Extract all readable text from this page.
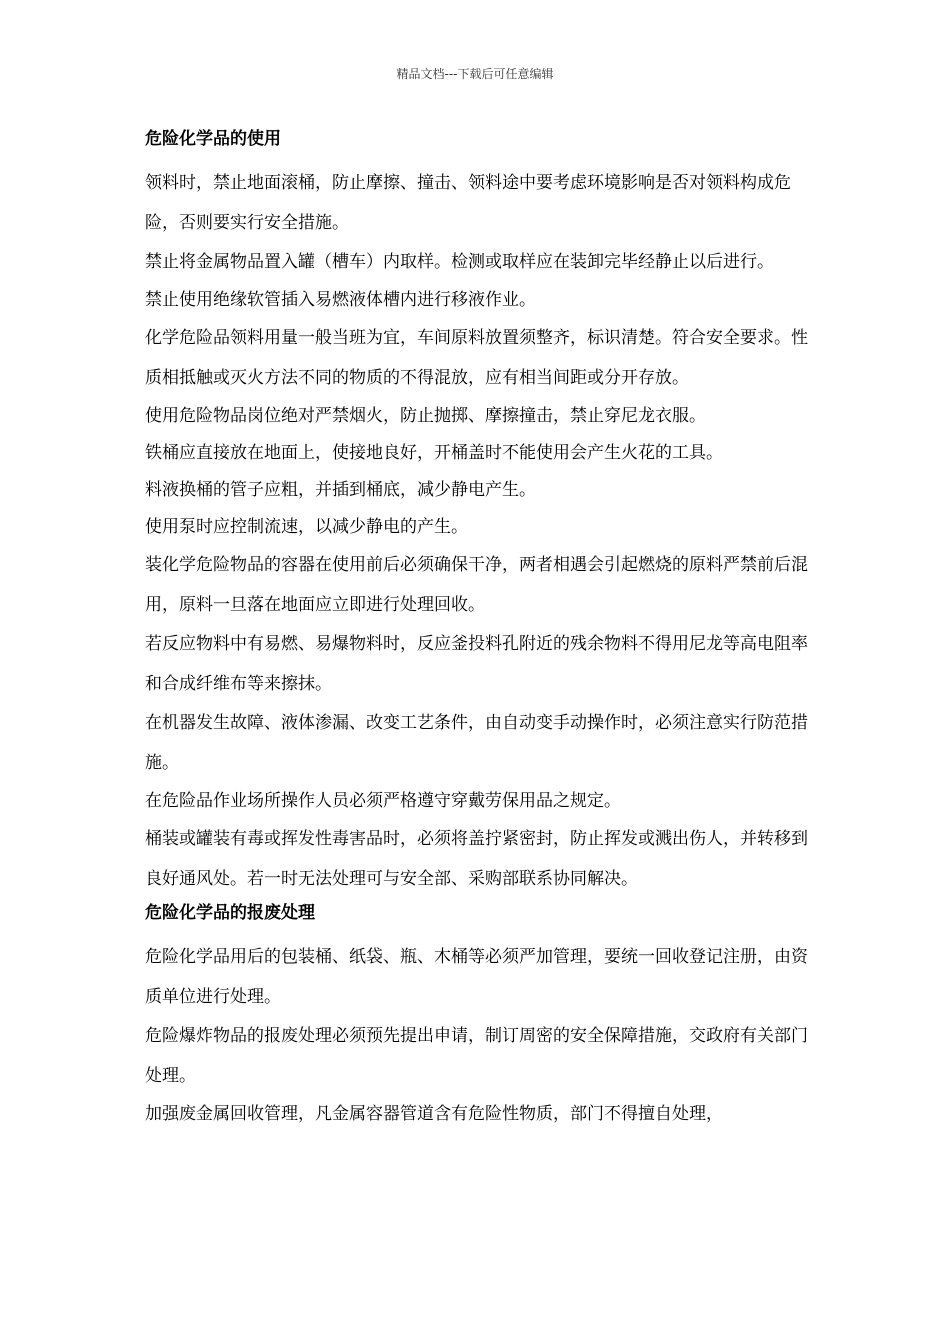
精品文档---下载后可任意编辑
危险化学品的使用
领料时，禁止地面滚桶，防止摩擦、撞击、领料途中要考虑环境影响是否对领料构成危险，否则要实行安全措施。
禁止将金属物品置入罐（槽车）内取样。检测或取样应在装卸完毕经静止以后进行。
禁止使用绝缘软管插入易燃液体槽内进行移液作业。
化学危险品领料用量一般当班为宜，车间原料放置须整齐，标识清楚。符合安全要求。性质相抵触或灭火方法不同的物质的不得混放，应有相当间距或分开存放。
使用危险物品岗位绝对严禁烟火，防止抛掷、摩擦撞击，禁止穿尼龙衣服。
铁桶应直接放在地面上，使接地良好，开桶盖时不能使用会产生火花的工具。
料液换桶的管子应粗，并插到桶底，减少静电产生。
使用泵时应控制流速，以减少静电的产生。
装化学危险物品的容器在使用前后必须确保干净，两者相遇会引起燃烧的原料严禁前后混用，原料一旦落在地面应立即进行处理回收。
若反应物料中有易燃、易爆物料时，反应釜投料孔附近的残余物料不得用尼龙等高电阻率和合成纤维布等来擦抹。
在机器发生故障、液体渗漏、改变工艺条件，由自动变手动操作时，必须注意实行防范措施。
在危险品作业场所操作人员必须严格遵守穿戴劳保用品之规定。
桶装或罐装有毒或挥发性毒害品时，必须将盖拧紧密封，防止挥发或溅出伤人，并转移到良好通风处。若一时无法处理可与安全部、采购部联系协同解决。
危险化学品的报废处理
危险化学品用后的包装桶、纸袋、瓶、木桶等必须严加管理，要统一回收登记注册，由资质单位进行处理。
危险爆炸物品的报废处理必须预先提出申请，制订周密的安全保障措施，交政府有关部门处理。
加强废金属回收管理，凡金属容器管道含有危险性物质，部门不得擅自处理，
